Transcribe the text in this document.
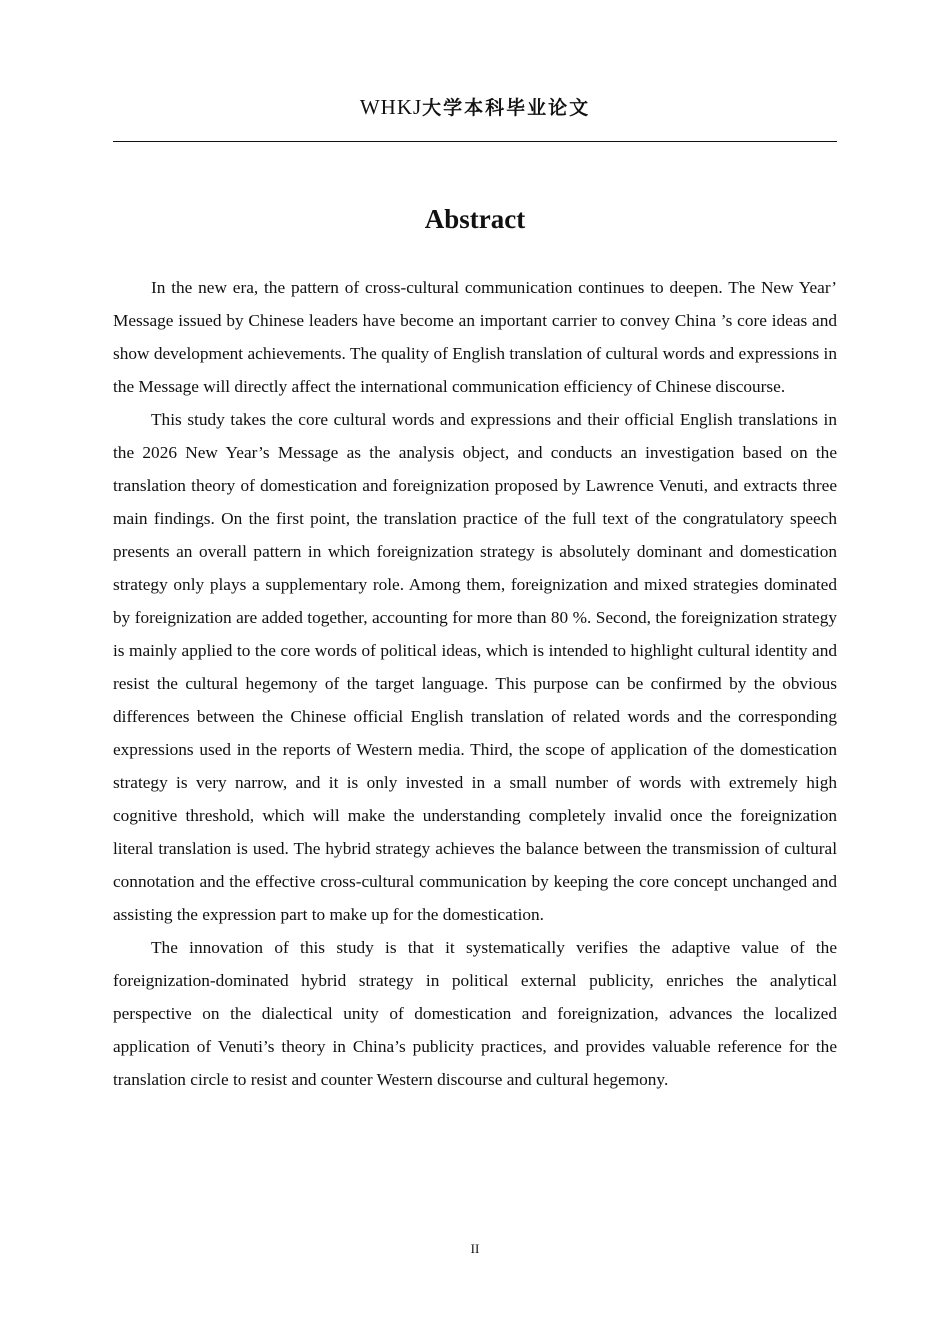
WHKJ大学本科毕业论文
Abstract

In the new era, the pattern of cross-cultural communication continues to deepen. The New Year’ Message issued by Chinese leaders have become an important carrier to convey China ’s core ideas and show development achievements. The quality of English translation of cultural words and expressions in the Message will directly affect the international communication efficiency of Chinese discourse.

This study takes the core cultural words and expressions and their official English translations in the 2026 New Year’s Message as the analysis object, and conducts an investigation based on the translation theory of domestication and foreignization proposed by Lawrence Venuti, and extracts three main findings. On the first point, the translation practice of the full text of the congratulatory speech presents an overall pattern in which foreignization strategy is absolutely dominant and domestication strategy only plays a supplementary role. Among them, foreignization and mixed strategies dominated by foreignization are added together, accounting for more than 80 %. Second, the foreignization strategy is mainly applied to the core words of political ideas, which is intended to highlight cultural identity and resist the cultural hegemony of the target language. This purpose can be confirmed by the obvious differences between the Chinese official English translation of related words and the corresponding expressions used in the reports of Western media. Third, the scope of application of the domestication strategy is very narrow, and it is only invested in a small number of words with extremely high cognitive threshold, which will make the understanding completely invalid once the foreignization literal translation is used. The hybrid strategy achieves the balance between the transmission of cultural connotation and the effective cross-cultural communication by keeping the core concept unchanged and assisting the expression part to make up for the domestication.

The innovation of this study is that it systematically verifies the adaptive value of the foreignization-dominated hybrid strategy in political external publicity, enriches the analytical perspective on the dialectical unity of domestication and foreignization, advances the localized application of Venuti’s theory in China’s publicity practices, and provides valuable reference for the translation circle to resist and counter Western discourse and cultural hegemony.

II
